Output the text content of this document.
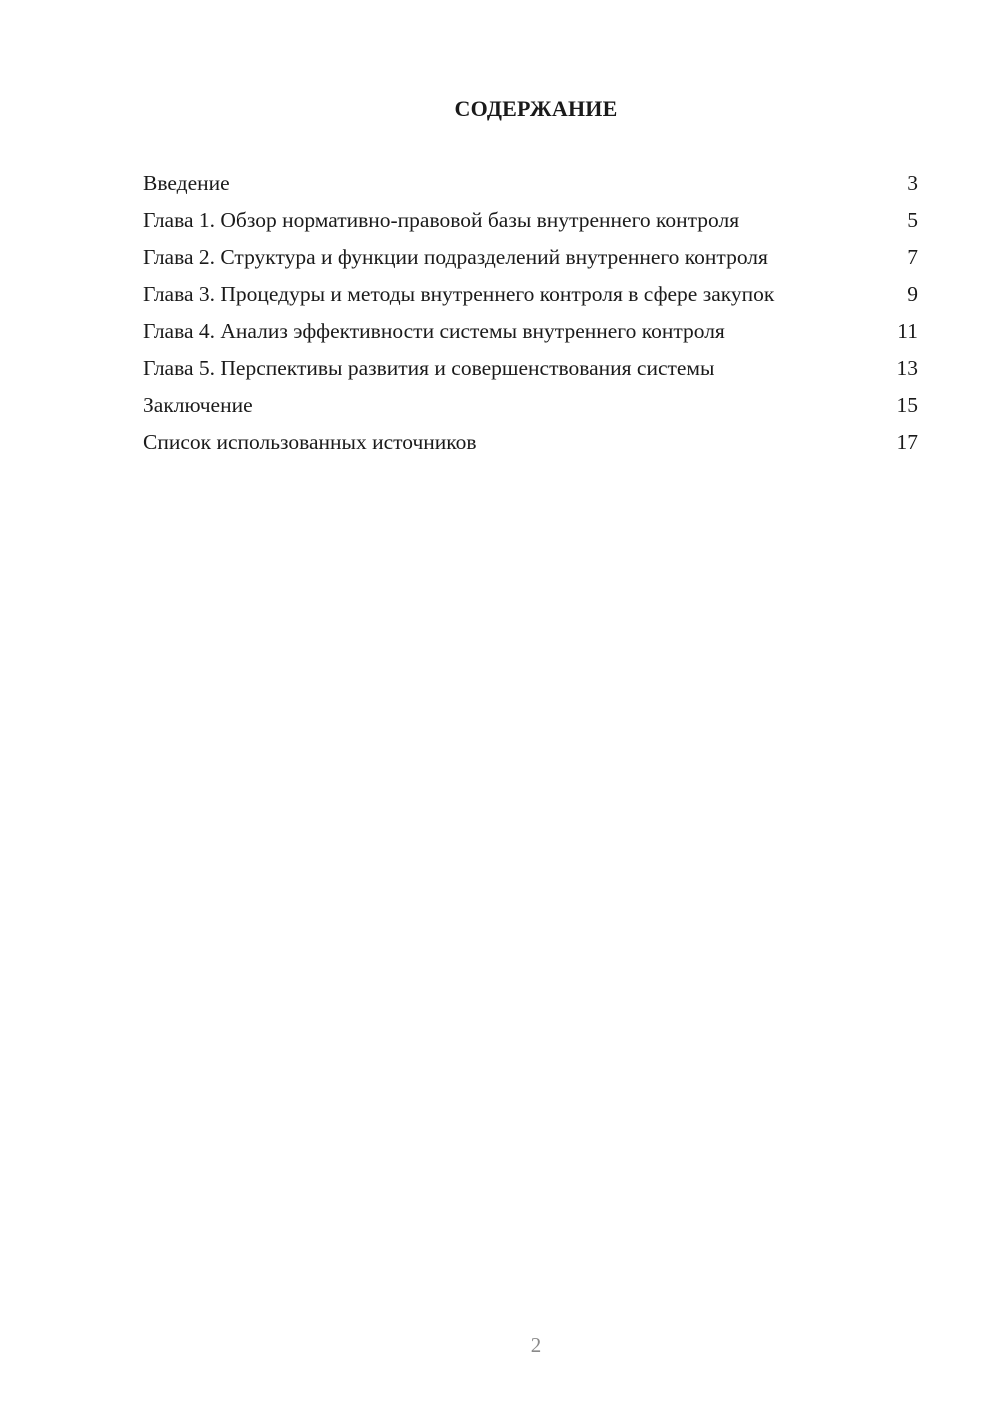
СОДЕРЖАНИЕ
Введение	3
Глава 1. Обзор нормативно-правовой базы внутреннего контроля	5
Глава 2. Структура и функции подразделений внутреннего контроля	7
Глава 3. Процедуры и методы внутреннего контроля в сфере закупок	9
Глава 4. Анализ эффективности системы внутреннего контроля	11
Глава 5. Перспективы развития и совершенствования системы	13
Заключение	15
Список использованных источников	17
2
